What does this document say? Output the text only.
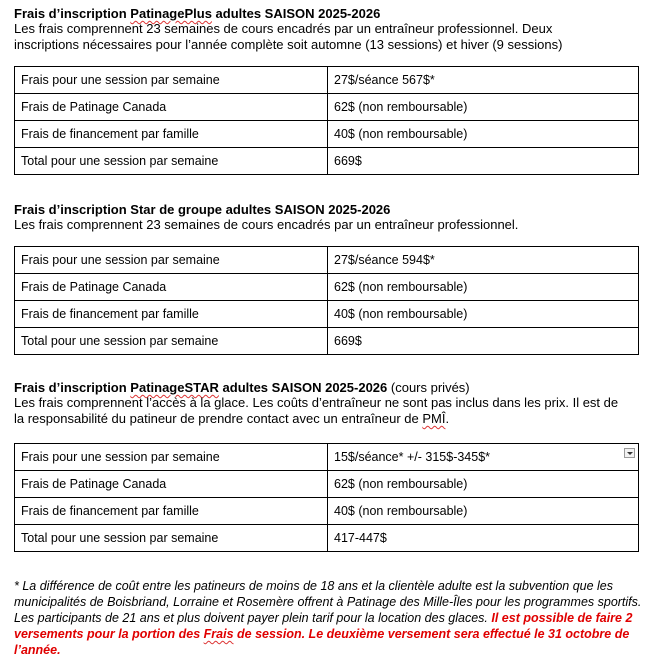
Frais d’inscription PatinagePlus adultes SAISON 2025-2026

Les frais comprennent 23 semaines de cours encadrés par un entraîneur professionnel. Deux
inscriptions nécessaires pour l’année complète soit automne (13 sessions) et hiver (9 sessions)

Frais pour une session par semaine	27$/séance 567$*
Frais de Patinage Canada	62$ (non remboursable)
Frais de financement par famille	40$ (non remboursable)
Total pour une session par semaine	669$
Frais d’inscription Star de groupe adultes SAISON 2025-2026

Les frais comprennent 23 semaines de cours encadrés par un entraîneur professionnel.

Frais pour une session par semaine	27$/séance 594$*
Frais de Patinage Canada	62$ (non remboursable)
Frais de financement par famille	40$ (non remboursable)
Total pour une session par semaine	669$
Frais d’inscription PatinageSTAR adultes SAISON 2025-2026 (cours privés)

Les frais comprennent l’accès à la glace. Les coûts d’entraîneur ne sont pas inclus dans les prix. Il est de
la responsabilité du patineur de prendre contact avec un entraîneur de PMÎ.

Frais pour une session par semaine	15$/séance* +/- 315$-345$*

Frais de Patinage Canada	62$ (non remboursable)
Frais de financement par famille	40$ (non remboursable)
Total pour une session par semaine	417-447$
* La différence de coût entre les patineurs de moins de 18 ans et la clientèle adulte est la subvention que les municipalités de Boisbriand, Lorraine et Rosemère offrent à Patinage des Mille-Îles pour les programmes sportifs. Les participants de 21 ans et plus doivent payer plein tarif pour la location des glaces. Il est possible de faire 2 versements pour la portion des Frais de session. Le deuxième versement sera effectué le 31 octobre de l’année.
